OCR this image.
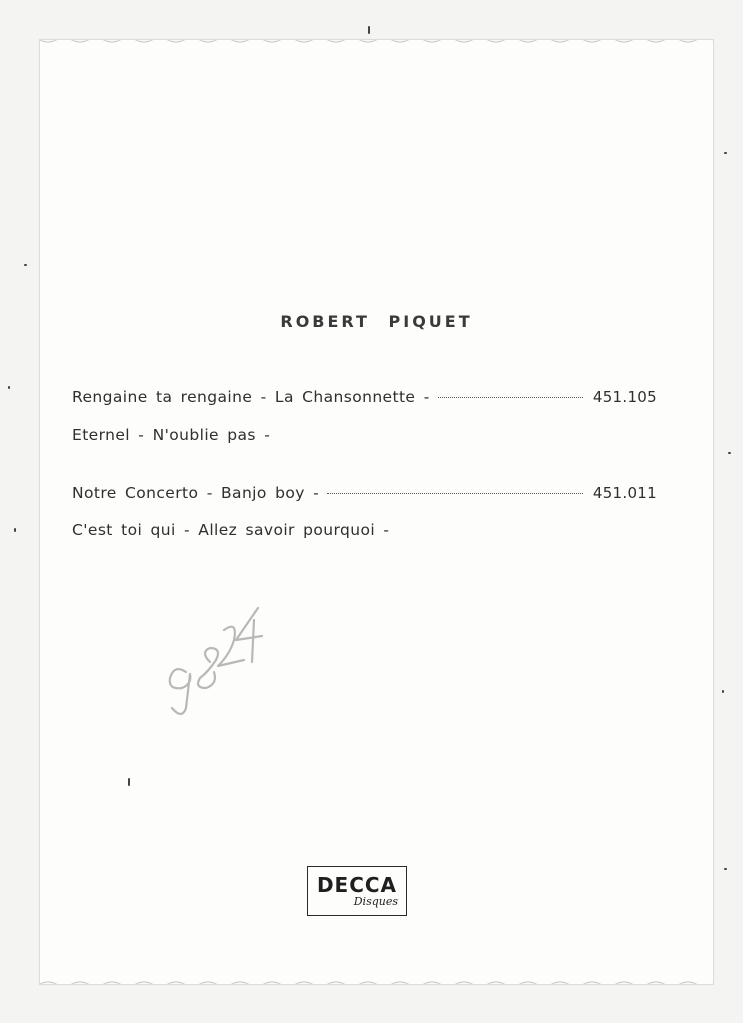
ROBERT PIQUET
Rengaine ta rengaine - La Chansonnette -	451.105
Eternel - N'oublie pas -
Notre Concerto - Banjo boy -	451.011
C'est toi qui - Allez savoir pourquoi -
DECCA
Disques
